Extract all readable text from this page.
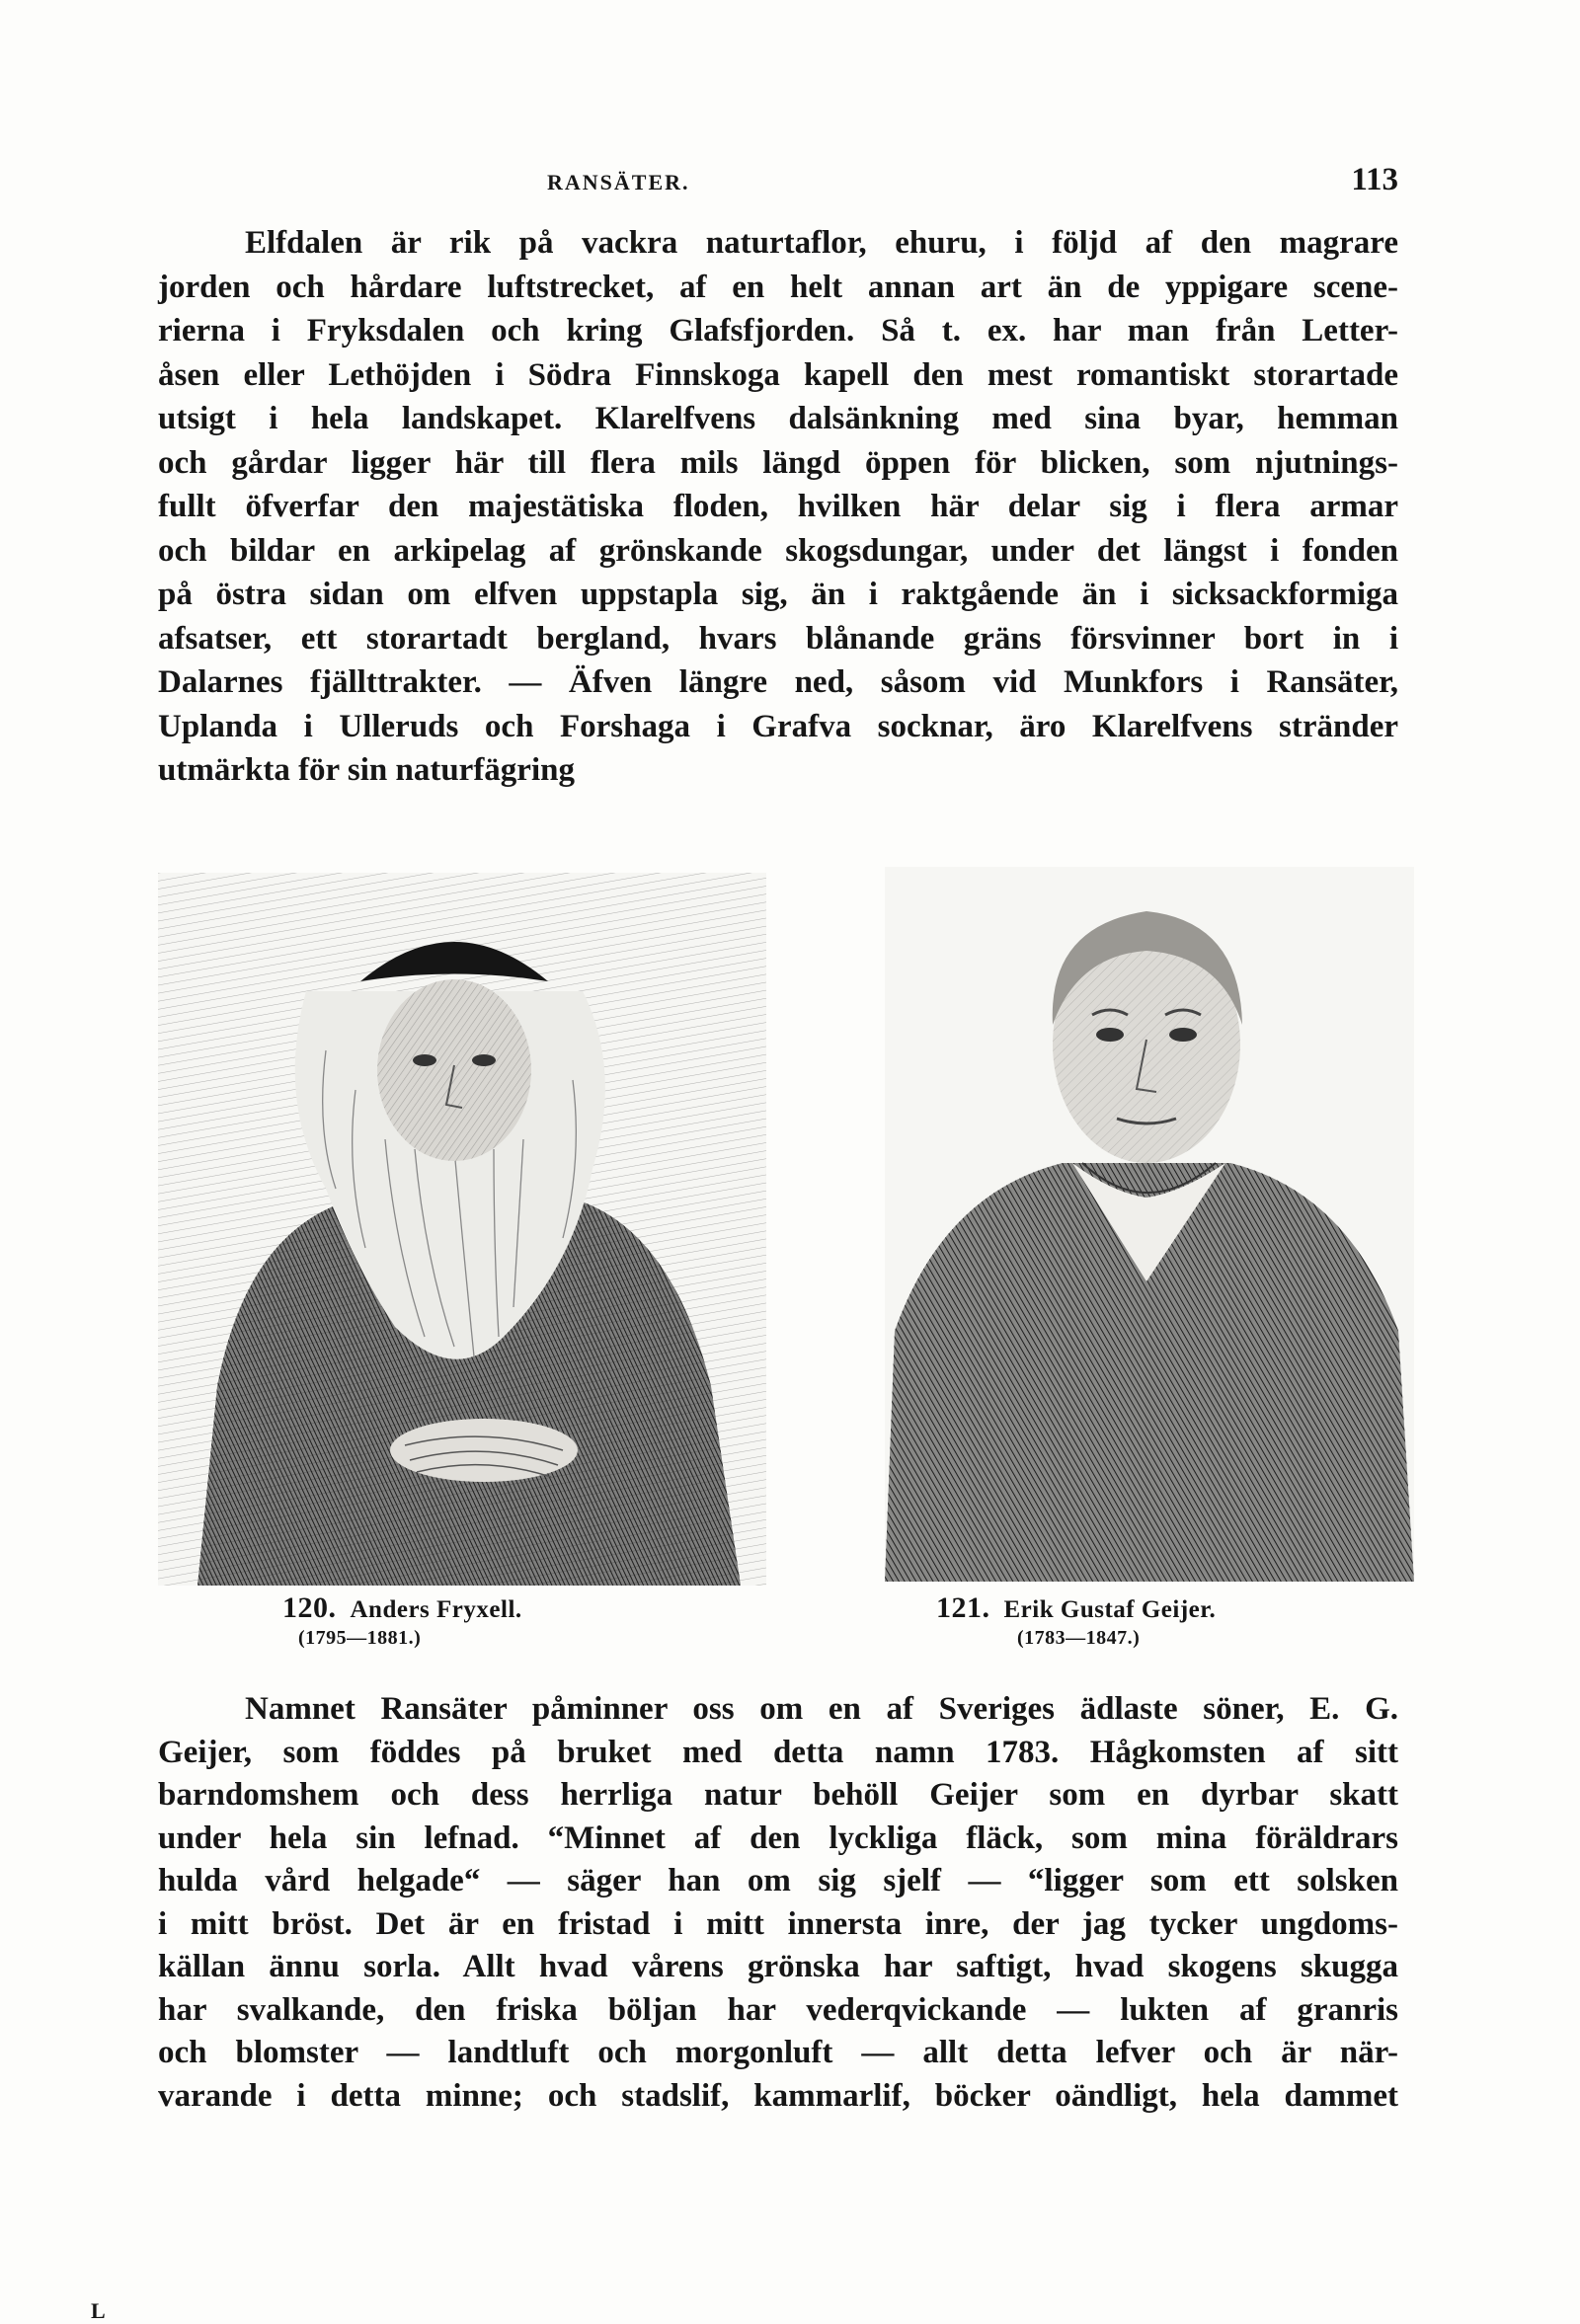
RANSÄTER.	113
Elfdalen är rik på vackra naturtaflor, ehuru, i följd af den magrare
jorden och hårdare luftstrecket, af en helt annan art än de yppigare scene-
rierna i Fryksdalen och kring Glafsfjorden. Så t. ex. har man från Letter-
åsen eller Lethöjden i Södra Finnskoga kapell den mest romantiskt storartade
utsigt i hela landskapet. Klarelfvens dalsänkning med sina byar, hemman
och gårdar ligger här till flera mils längd öppen för blicken, som njutnings-
fullt öfverfar den majestätiska floden, hvilken här delar sig i flera armar
och bildar en arkipelag af grönskande skogsdungar, under det längst i fonden
på östra sidan om elfven uppstapla sig, än i raktgående än i sicksackformiga
afsatser, ett storartadt bergland, hvars blånande gräns försvinner bort in i
Dalarnes fjällttrakter. — Äfven längre ned, såsom vid Munkfors i Ransäter,
Uplanda i Ulleruds och Forshaga i Grafva socknar, äro Klarelfvens stränder
utmärkta för sin naturfägring
120. Anders Fryxell.
(1795—1881.)
121. Erik Gustaf Geijer.
(1783—1847.)
Namnet Ransäter påminner oss om en af Sveriges ädlaste söner, E. G.
Geijer, som föddes på bruket med detta namn 1783. Hågkomsten af sitt
barndomshem och dess herrliga natur behöll Geijer som en dyrbar skatt
under hela sin lefnad. “Minnet af den lyckliga fläck, som mina föräldrars
hulda vård helgade“ — säger han om sig sjelf — “ligger som ett solsken
i mitt bröst. Det är en fristad i mitt innersta inre, der jag tycker ungdoms-
källan ännu sorla. Allt hvad vårens grönska har saftigt, hvad skogens skugga
har svalkande, den friska böljan har vederqvickande — lukten af granris
och blomster — landtluft och morgonluft — allt detta lefver och är när-
varande i detta minne; och stadslif, kammarlif, böcker oändligt, hela dammet
L
